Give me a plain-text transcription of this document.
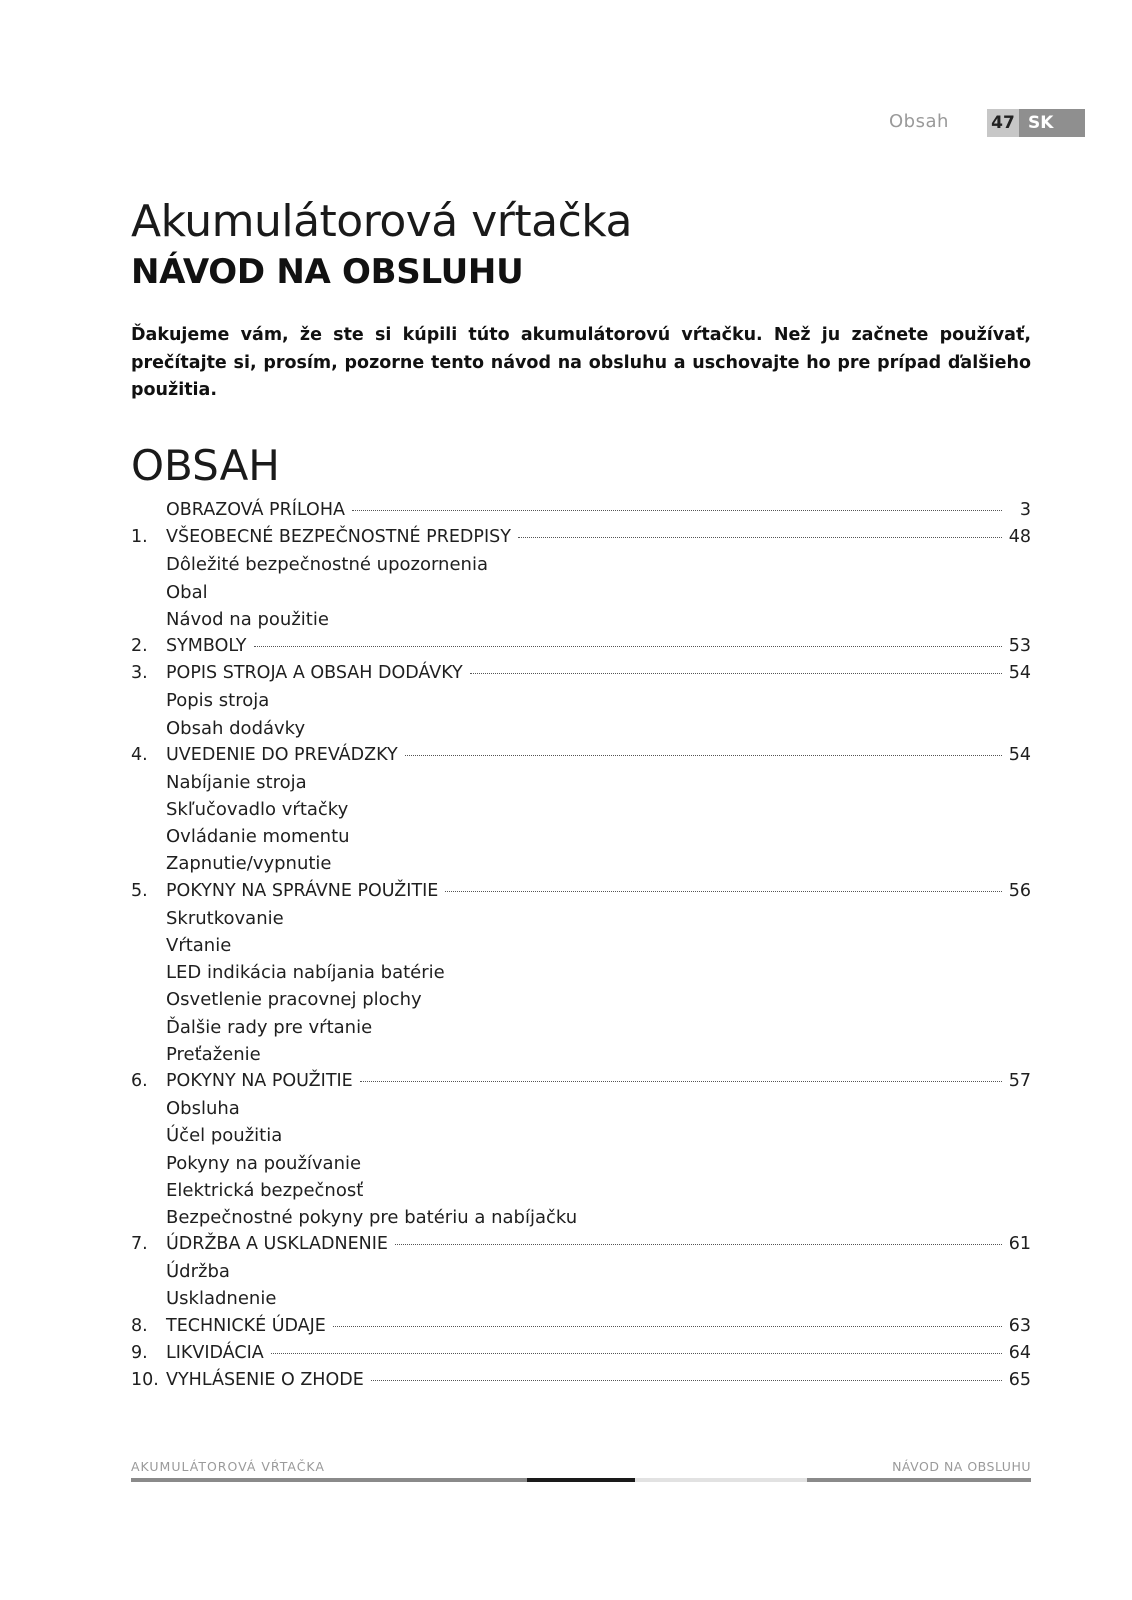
Obsah 47 SK
Akumulátorová vŕtačka
NÁVOD NA OBSLUHU
Ďakujeme vám, že ste si kúpili túto akumulátorovú vŕtačku. Než ju začnete používať, prečítajte si, prosím, pozorne tento návod na obsluhu a uschovajte ho pre prípad ďalšieho použitia.
OBSAH
OBRAZOVÁ PRÍLOHA	3
1.	VŠEOBECNÉ BEZPEČNOSTNÉ PREDPISY	48
Dôležité bezpečnostné upozornenia
Obal
Návod na použitie
2.	SYMBOLY	53
3.	POPIS STROJA A OBSAH DODÁVKY	54
Popis stroja
Obsah dodávky
4.	UVEDENIE DO PREVÁDZKY	54
Nabíjanie stroja
Skľučovadlo vŕtačky
Ovládanie momentu
Zapnutie/vypnutie
5.	POKYNY NA SPRÁVNE POUŽITIE	56
Skrutkovanie
Vŕtanie
LED indikácia nabíjania batérie
Osvetlenie pracovnej plochy
Ďalšie rady pre vŕtanie
Preťaženie
6.	POKYNY NA POUŽITIE	57
Obsluha
Účel použitia
Pokyny na používanie
Elektrická bezpečnosť
Bezpečnostné pokyny pre batériu a nabíjačku
7.	ÚDRŽBA A USKLADNENIE	61
Údržba
Uskladnenie
8.	TECHNICKÉ ÚDAJE	63
9.	LIKVIDÁCIA	64
10. VYHLÁSENIE O ZHODE	65
AKUMULÁTOROVÁ VŔTAČKA	NÁVOD NA OBSLUHU
